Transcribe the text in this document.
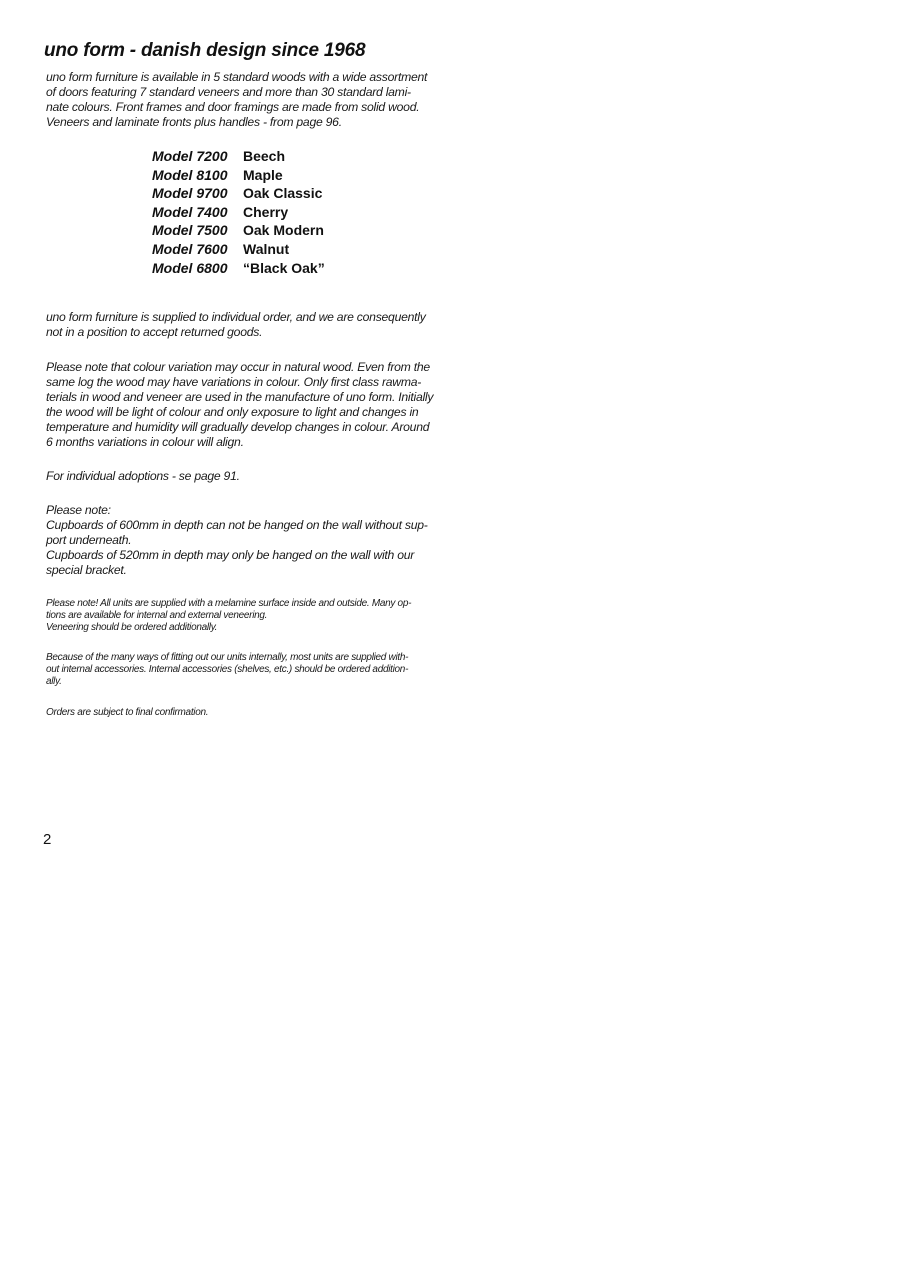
uno form - danish design since 1968
uno form furniture is available in 5 standard woods with a wide assortment
of doors featuring 7 standard veneers and more than 30 standard lami-
nate colours. Front frames and door framings are made from solid wood.
Veneers and laminate fronts plus handles - from page 96.
Model 7200	Beech
Model 8100	Maple
Model 9700	Oak Classic
Model 7400	Cherry
Model 7500	Oak Modern
Model 7600	Walnut
Model 6800	“Black Oak”
uno form furniture is supplied to individual order, and we are consequently
not in a position to accept returned goods.
Please note that colour variation may occur in natural wood. Even from the
same log the wood may have variations in colour. Only first class rawma-
terials in wood and veneer are used in the manufacture of uno form. Initially
the wood will be light of colour and only exposure to light and changes in
temperature and humidity will gradually develop changes in colour. Around
6 months variations in colour will align.
For individual adoptions - se page 91.
Please note:
Cupboards of 600mm in depth can not be hanged on the wall without sup-
port underneath.
Cupboards of 520mm in depth may only be hanged on the wall with our
special bracket.
Please note! All units are supplied with a melamine surface inside and outside. Many op-
tions are available for internal and external veneering.
Veneering should be ordered additionally.
Because of the many ways of fitting out our units internally, most units are supplied with-
out internal accessories. Internal accessories (shelves, etc.) should be ordered addition-
ally.
Orders are subject to final confirmation.
2
